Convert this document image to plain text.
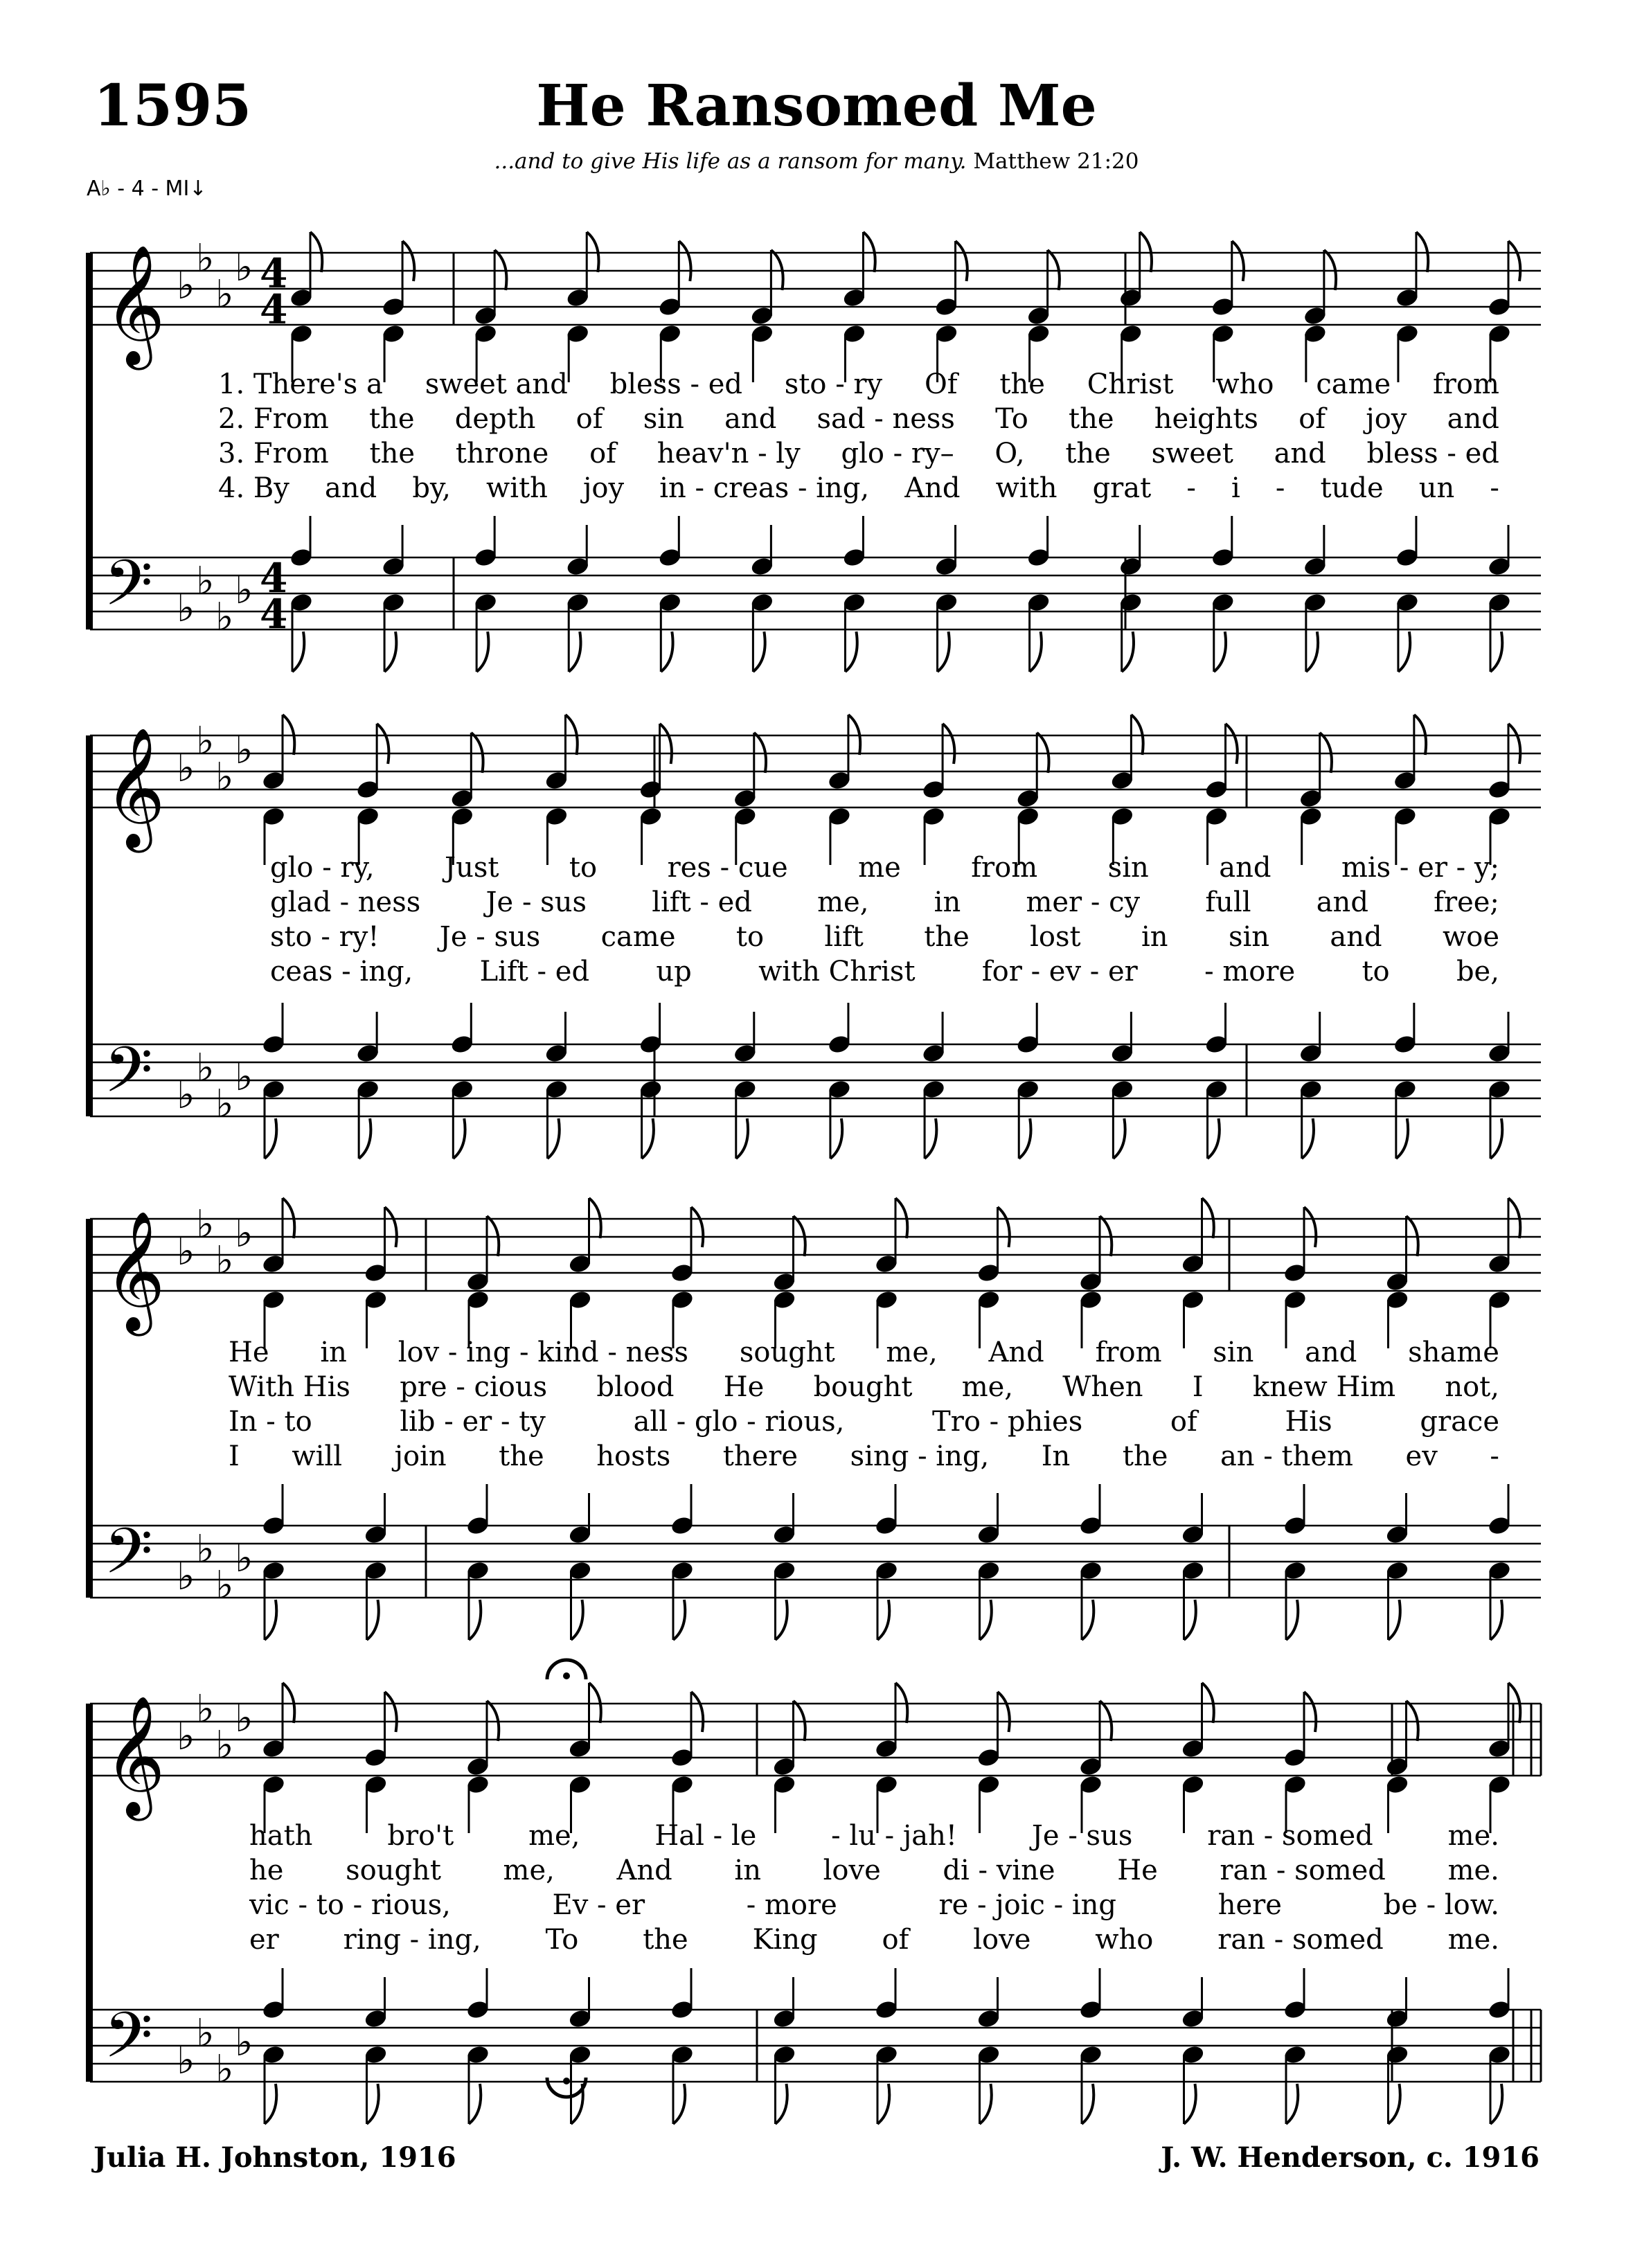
1595	He Ransomed Me
...and to give His life as a ransom for many. Matthew 21:20
A♭ - 4 - MI↓
𝄞 ♭
♭
♭
♭ 4
4
𝄢 ♭
♭
♭
♭ 4
4
𝄞 ♭
♭
♭
♭
𝄢 ♭
♭
♭
♭
𝄞 ♭
♭
♭
♭
𝄢 ♭
♭
♭
♭
𝄞 ♭
♭
♭
♭
𝄢 ♭
♭
♭
♭
1. There's a sweet and bless - ed sto - ry Of the Christ who came from
2. From the depth of sin and sad - ness To the heights of joy and
3. From the throne of heav'n - ly glo - ry– O, the sweet and bless - ed
4. By and by, with joy in - creas - ing, And with grat - i - tude un -
glo - ry,	Just	to	res - cue	me	from	sin	and	mis - er - y;
glad - ness Je - sus lift - ed me, in mer - cy full and free;
sto - ry! Je - sus came to lift the lost in sin and woe
ceas - ing, Lift - ed up with Christ for - ev - er - more to be,
He in lov - ing - kind - ness sought me, And from sin and shame
With His pre - cious blood He bought me, When I knew Him not,
In - to	lib - er - ty	all - glo - rious,	Tro - phies	of	His	grace
I will join the hosts there sing - ing, In the an - them ev -
hath	bro't	me,	Hal - le	- lu - jah!	Je - sus	ran - somed	me.
he sought me, And in love di - vine He ran - somed me.
vic - to - rious,	Ev - er	- more	re - joic - ing	here	be - low.
er ring - ing, To the King of love who ran - somed me.
Julia H. Johnston, 1916	J. W. Henderson, c. 1916
